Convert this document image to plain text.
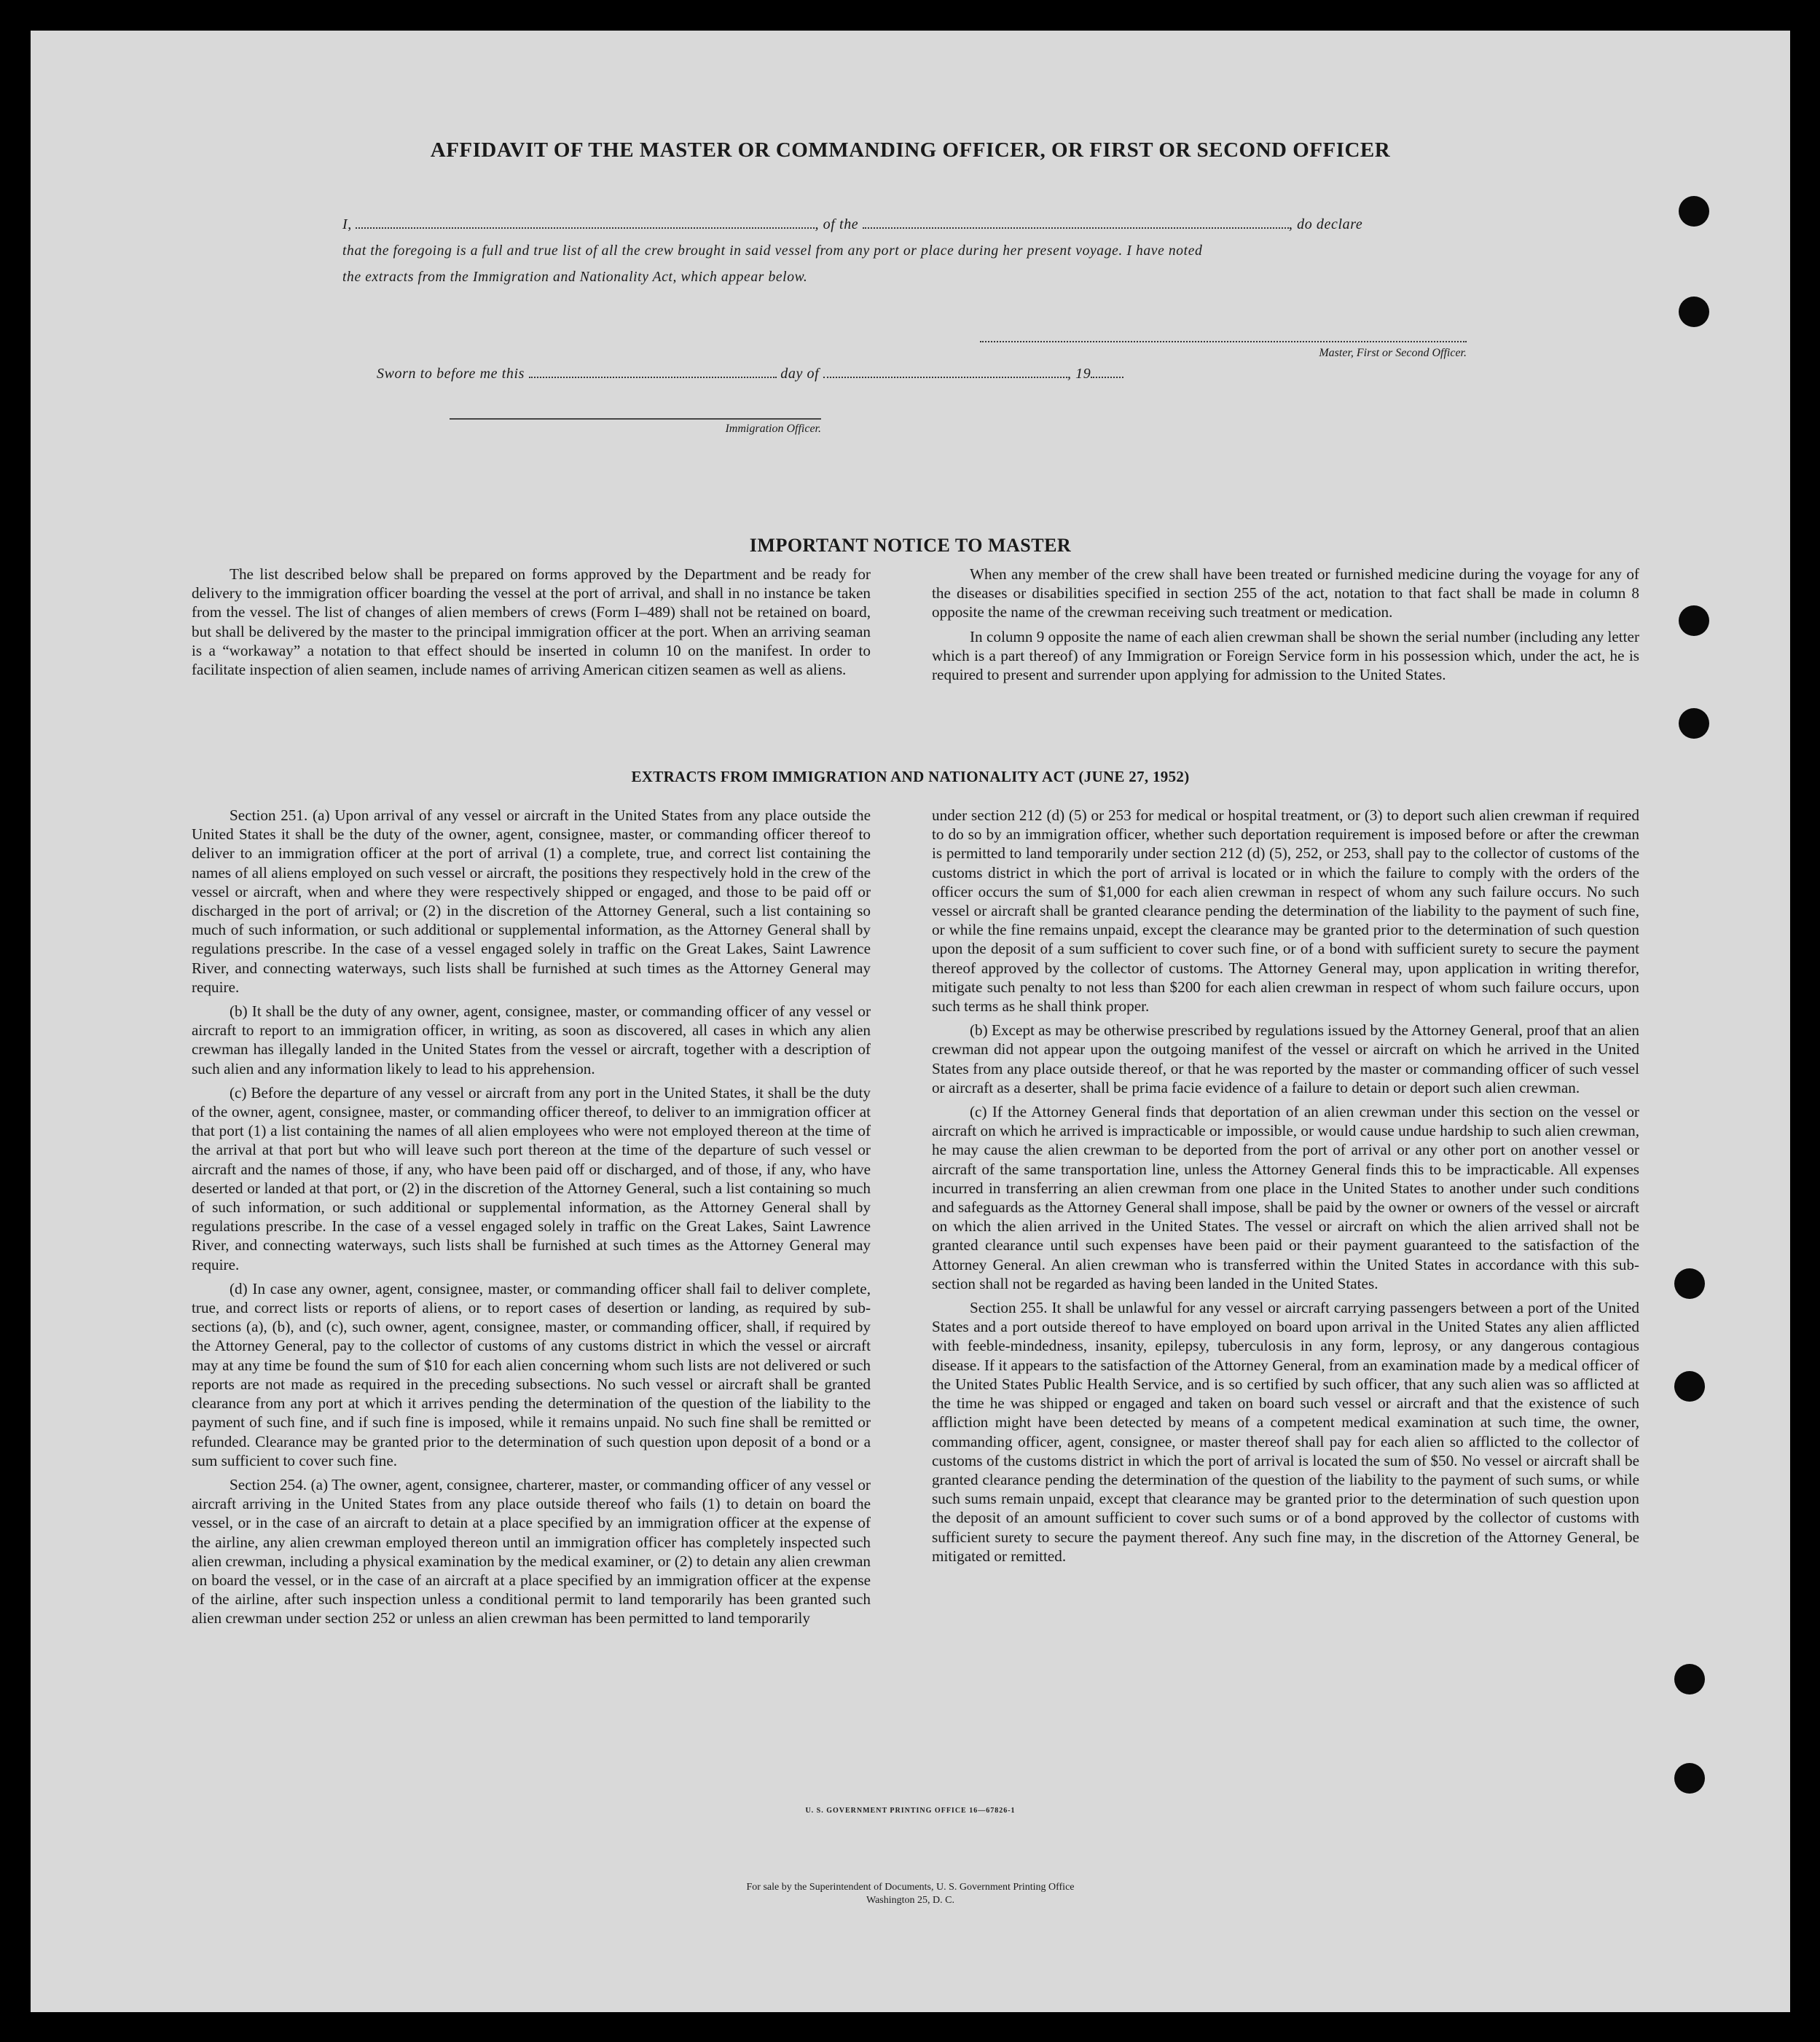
AFFIDAVIT OF THE MASTER OR COMMANDING OFFICER, OR FIRST OR SECOND OFFICER
I,	, of the	, do declare
that the foregoing is a full and true list of all the crew brought in said vessel from any port or place during her present voyage. I have noted
the extracts from the Immigration and Nationality Act, which appear below.
Master, First or Second Officer.
Sworn to before me this	day of	, 19
Immigration Officer.
IMPORTANT NOTICE TO MASTER

The list described below shall be prepared on forms approved by the Department and be ready for delivery to the immigration officer boarding the vessel at the port of arrival, and shall in no instance be taken from the vessel. The list of changes of alien members of crews (Form I–489) shall not be retained on board, but shall be delivered by the master to the principal immigration officer at the port. When an arriving seaman is a “workaway” a notation to that effect should be inserted in column 10 on the manifest. In order to facilitate inspection of alien seamen, include names of arriving American citizen seamen as well as aliens.

When any member of the crew shall have been treated or furnished medicine during the voyage for any of the diseases or disabilities specified in section 255 of the act, notation to that fact shall be made in column 8 opposite the name of the crewman receiving such treatment or medication.

In column 9 opposite the name of each alien crewman shall be shown the serial number (including any letter which is a part thereof) of any Immigration or Foreign Service form in his possession which, under the act, he is required to present and surrender upon applying for admission to the United States.

EXTRACTS FROM IMMIGRATION AND NATIONALITY ACT (JUNE 27, 1952)

Section 251. (a) Upon arrival of any vessel or aircraft in the United States from any place outside the United States it shall be the duty of the owner, agent, consignee, master, or commanding officer thereof to deliver to an immigration officer at the port of arrival (1) a complete, true, and correct list containing the names of all aliens employed on such vessel or aircraft, the positions they respectively hold in the crew of the vessel or aircraft, when and where they were respectively shipped or engaged, and those to be paid off or discharged in the port of arrival; or (2) in the discretion of the Attorney General, such a list containing so much of such information, or such additional or supplemental information, as the Attorney General shall by regulations prescribe. In the case of a vessel engaged solely in traffic on the Great Lakes, Saint Lawrence River, and connecting waterways, such lists shall be furnished at such times as the Attorney General may require.

(b) It shall be the duty of any owner, agent, consignee, master, or commanding officer of any vessel or aircraft to report to an immigration officer, in writing, as soon as discovered, all cases in which any alien crewman has illegally landed in the United States from the vessel or aircraft, together with a description of such alien and any information likely to lead to his apprehension.

(c) Before the departure of any vessel or aircraft from any port in the United States, it shall be the duty of the owner, agent, consignee, master, or commanding officer thereof, to deliver to an immigration officer at that port (1) a list containing the names of all alien employees who were not employed thereon at the time of the arrival at that port but who will leave such port thereon at the time of the departure of such vessel or aircraft and the names of those, if any, who have been paid off or discharged, and of those, if any, who have deserted or landed at that port, or (2) in the discretion of the Attorney General, such a list containing so much of such information, or such additional or supplemental information, as the Attorney General shall by regulations prescribe. In the case of a vessel engaged solely in traffic on the Great Lakes, Saint Lawrence River, and connecting waterways, such lists shall be furnished at such times as the Attorney General may require.

(d) In case any owner, agent, consignee, master, or commanding officer shall fail to deliver complete, true, and correct lists or reports of aliens, or to report cases of desertion or landing, as required by sub-sections (a), (b), and (c), such owner, agent, consignee, master, or commanding officer, shall, if required by the Attorney General, pay to the collector of customs of any customs district in which the vessel or aircraft may at any time be found the sum of $10 for each alien concerning whom such lists are not delivered or such reports are not made as required in the preceding subsections. No such vessel or aircraft shall be granted clearance from any port at which it arrives pending the determination of the question of the liability to the payment of such fine, and if such fine is imposed, while it remains unpaid. No such fine shall be remitted or refunded. Clearance may be granted prior to the determination of such question upon deposit of a bond or a sum sufficient to cover such fine.

Section 254. (a) The owner, agent, consignee, charterer, master, or commanding officer of any vessel or aircraft arriving in the United States from any place outside thereof who fails (1) to detain on board the vessel, or in the case of an aircraft to detain at a place specified by an immigration officer at the expense of the airline, any alien crewman employed thereon until an immigration officer has completely inspected such alien crewman, including a physical examination by the medical examiner, or (2) to detain any alien crewman on board the vessel, or in the case of an aircraft at a place specified by an immigration officer at the expense of the airline, after such inspection unless a conditional permit to land temporarily has been granted such alien crewman under section 252 or unless an alien crewman has been permitted to land temporarily

under section 212 (d) (5) or 253 for medical or hospital treatment, or (3) to deport such alien crewman if required to do so by an immigration officer, whether such deportation requirement is imposed before or after the crewman is permitted to land temporarily under section 212 (d) (5), 252, or 253, shall pay to the collector of customs of the customs district in which the port of arrival is located or in which the failure to comply with the orders of the officer occurs the sum of $1,000 for each alien crewman in respect of whom any such failure occurs. No such vessel or aircraft shall be granted clearance pending the determination of the liability to the payment of such fine, or while the fine remains unpaid, except the clearance may be granted prior to the determination of such question upon the deposit of a sum sufficient to cover such fine, or of a bond with sufficient surety to secure the payment thereof approved by the collector of customs. The Attorney General may, upon application in writing therefor, mitigate such penalty to not less than $200 for each alien crewman in respect of whom such failure occurs, upon such terms as he shall think proper.

(b) Except as may be otherwise prescribed by regulations issued by the Attorney General, proof that an alien crewman did not appear upon the outgoing manifest of the vessel or aircraft on which he arrived in the United States from any place outside thereof, or that he was reported by the master or commanding officer of such vessel or aircraft as a deserter, shall be prima facie evidence of a failure to detain or deport such alien crewman.

(c) If the Attorney General finds that deportation of an alien crewman under this section on the vessel or aircraft on which he arrived is impracticable or impossible, or would cause undue hardship to such alien crewman, he may cause the alien crewman to be deported from the port of arrival or any other port on another vessel or aircraft of the same transportation line, unless the Attorney General finds this to be impracticable. All expenses incurred in transferring an alien crewman from one place in the United States to another under such conditions and safeguards as the Attorney General shall impose, shall be paid by the owner or owners of the vessel or aircraft on which the alien arrived in the United States. The vessel or aircraft on which the alien arrived shall not be granted clearance until such expenses have been paid or their payment guaranteed to the satisfaction of the Attorney General. An alien crewman who is transferred within the United States in accordance with this sub-section shall not be regarded as having been landed in the United States.

Section 255. It shall be unlawful for any vessel or aircraft carrying passengers between a port of the United States and a port outside thereof to have employed on board upon arrival in the United States any alien afflicted with feeble-mindedness, insanity, epilepsy, tuberculosis in any form, leprosy, or any dangerous contagious disease. If it appears to the satisfaction of the Attorney General, from an examination made by a medical officer of the United States Public Health Service, and is so certified by such officer, that any such alien was so afflicted at the time he was shipped or engaged and taken on board such vessel or aircraft and that the existence of such affliction might have been detected by means of a competent medical examination at such time, the owner, commanding officer, agent, consignee, or master thereof shall pay for each alien so afflicted to the collector of customs of the customs district in which the port of arrival is located the sum of $50. No vessel or aircraft shall be granted clearance pending the determination of the question of the liability to the payment of such sums, or while such sums remain unpaid, except that clearance may be granted prior to the determination of such question upon the deposit of an amount sufficient to cover such sums or of a bond approved by the collector of customs with sufficient surety to secure the payment thereof. Any such fine may, in the discretion of the Attorney General, be mitigated or remitted.

U. S. GOVERNMENT PRINTING OFFICE 16—67826-1
For sale by the Superintendent of Documents, U. S. Government Printing Office
Washington 25, D. C.
